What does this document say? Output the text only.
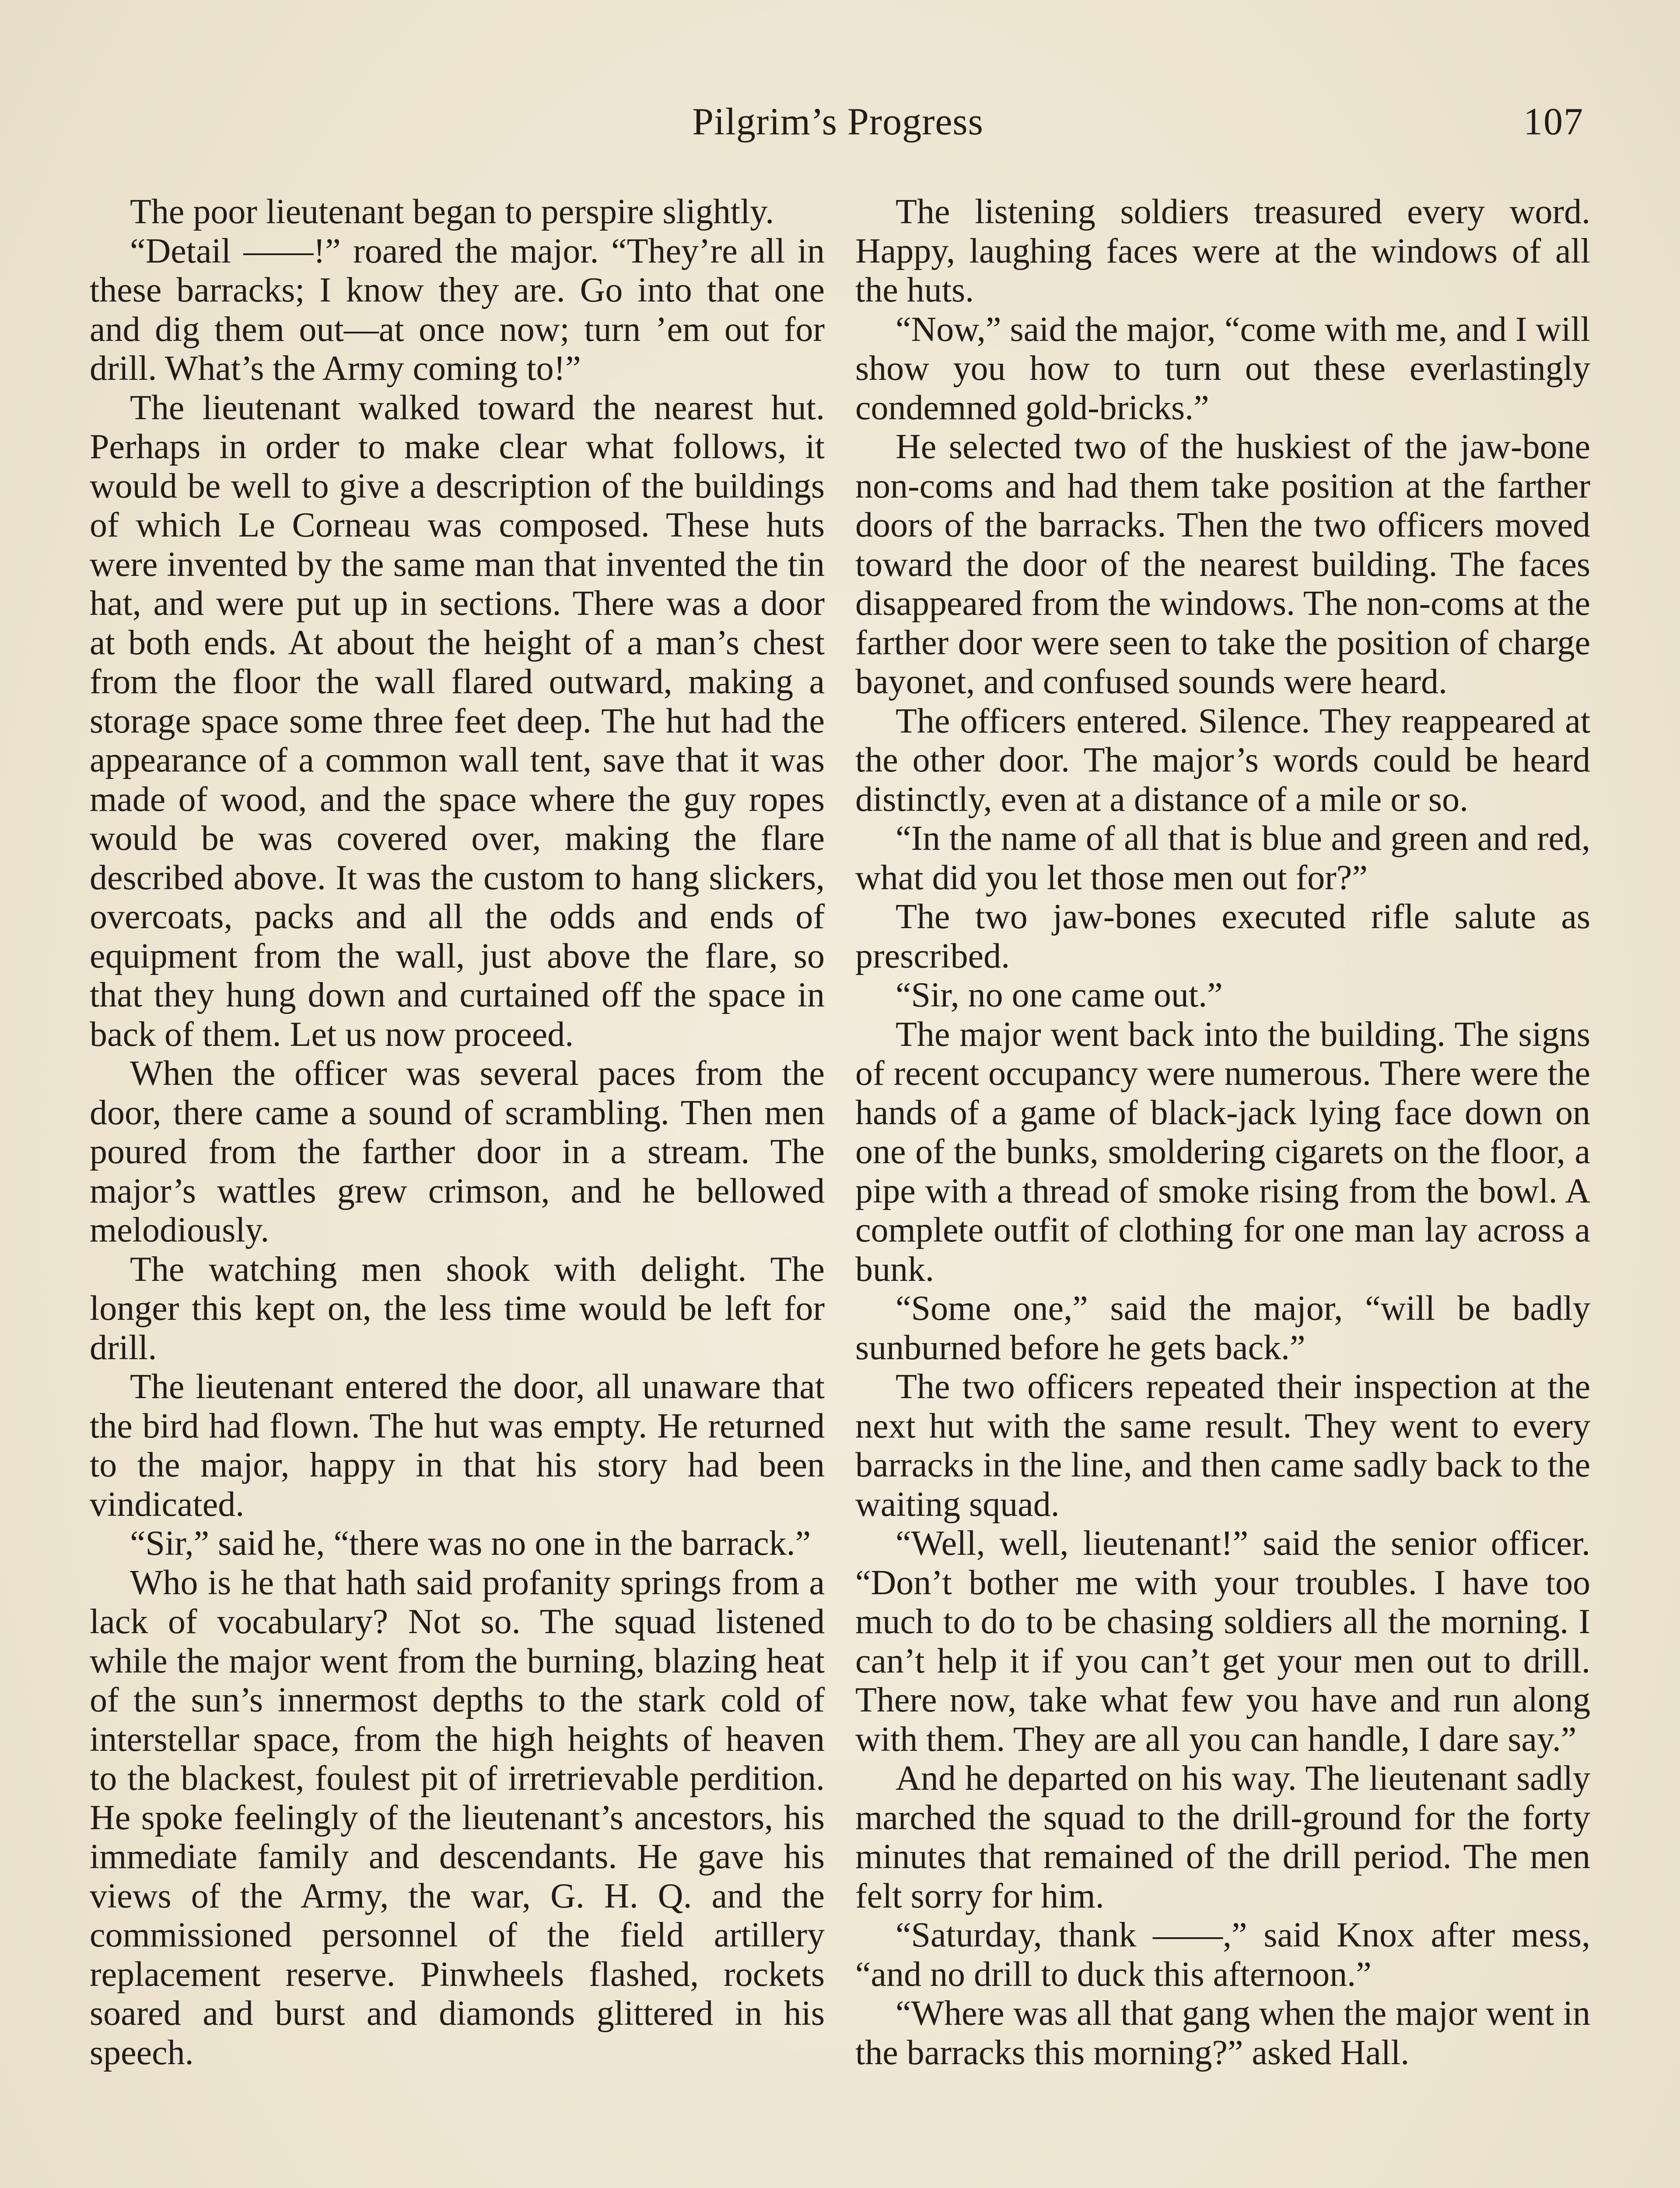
Pilgrim’s Progress	107

The poor lieutenant began to perspire slightly.

“Detail ——!” roared the major. “They’re all in these barracks; I know they are. Go into that one and dig them out—at once now; turn ’em out for drill. What’s the Army coming to!”

The lieutenant walked toward the nearest hut. Perhaps in order to make clear what follows, it would be well to give a description of the buildings of which Le Corneau was composed. These huts were invented by the same man that invented the tin hat, and were put up in sections. There was a door at both ends. At about the height of a man’s chest from the floor the wall flared outward, making a storage space some three feet deep. The hut had the appearance of a common wall tent, save that it was made of wood, and the space where the guy ropes would be was covered over, making the flare described above. It was the custom to hang slickers, overcoats, packs and all the odds and ends of equipment from the wall, just above the flare, so that they hung down and curtained off the space in back of them. Let us now proceed.

When the officer was several paces from the door, there came a sound of scrambling. Then men poured from the farther door in a stream. The major’s wattles grew crimson, and he bellowed melodiously.

The watching men shook with delight. The longer this kept on, the less time would be left for drill.

The lieutenant entered the door, all unaware that the bird had flown. The hut was empty. He returned to the major, happy in that his story had been vindicated.

“Sir,” said he, “there was no one in the barrack.”

Who is he that hath said profanity springs from a lack of vocabulary? Not so. The squad listened while the major went from the burning, blazing heat of the sun’s innermost depths to the stark cold of interstellar space, from the high heights of heaven to the blackest, foulest pit of irretrievable perdition. He spoke feelingly of the lieutenant’s ancestors, his immediate family and descendants. He gave his views of the Army, the war, G. H. Q. and the commissioned personnel of the field artillery replacement reserve. Pinwheels flashed, rockets soared and burst and diamonds glittered in his speech.

The listening soldiers treasured every word. Happy, laughing faces were at the windows of all the huts.

“Now,” said the major, “come with me, and I will show you how to turn out these everlastingly condemned gold-bricks.”

He selected two of the huskiest of the jaw-bone non-coms and had them take position at the farther doors of the barracks. Then the two officers moved toward the door of the nearest building. The faces disappeared from the windows. The non-coms at the farther door were seen to take the position of charge bayonet, and confused sounds were heard.

The officers entered. Silence. They reappeared at the other door. The major’s words could be heard distinctly, even at a distance of a mile or so.

“In the name of all that is blue and green and red, what did you let those men out for?”

The two jaw-bones executed rifle salute as prescribed.

“Sir, no one came out.”

The major went back into the building. The signs of recent occupancy were numerous. There were the hands of a game of black-jack lying face down on one of the bunks, smoldering cigarets on the floor, a pipe with a thread of smoke rising from the bowl. A complete outfit of clothing for one man lay across a bunk.

“Some one,” said the major, “will be badly sunburned before he gets back.”

The two officers repeated their inspection at the next hut with the same result. They went to every barracks in the line, and then came sadly back to the waiting squad.

“Well, well, lieutenant!” said the senior officer. “Don’t bother me with your troubles. I have too much to do to be chasing soldiers all the morning. I can’t help it if you can’t get your men out to drill. There now, take what few you have and run along with them. They are all you can handle, I dare say.”

And he departed on his way. The lieutenant sadly marched the squad to the drill-ground for the forty minutes that remained of the drill period. The men felt sorry for him.

“Saturday, thank ——,” said Knox after mess, “and no drill to duck this afternoon.”

“Where was all that gang when the major went in the barracks this morning?” asked Hall.
